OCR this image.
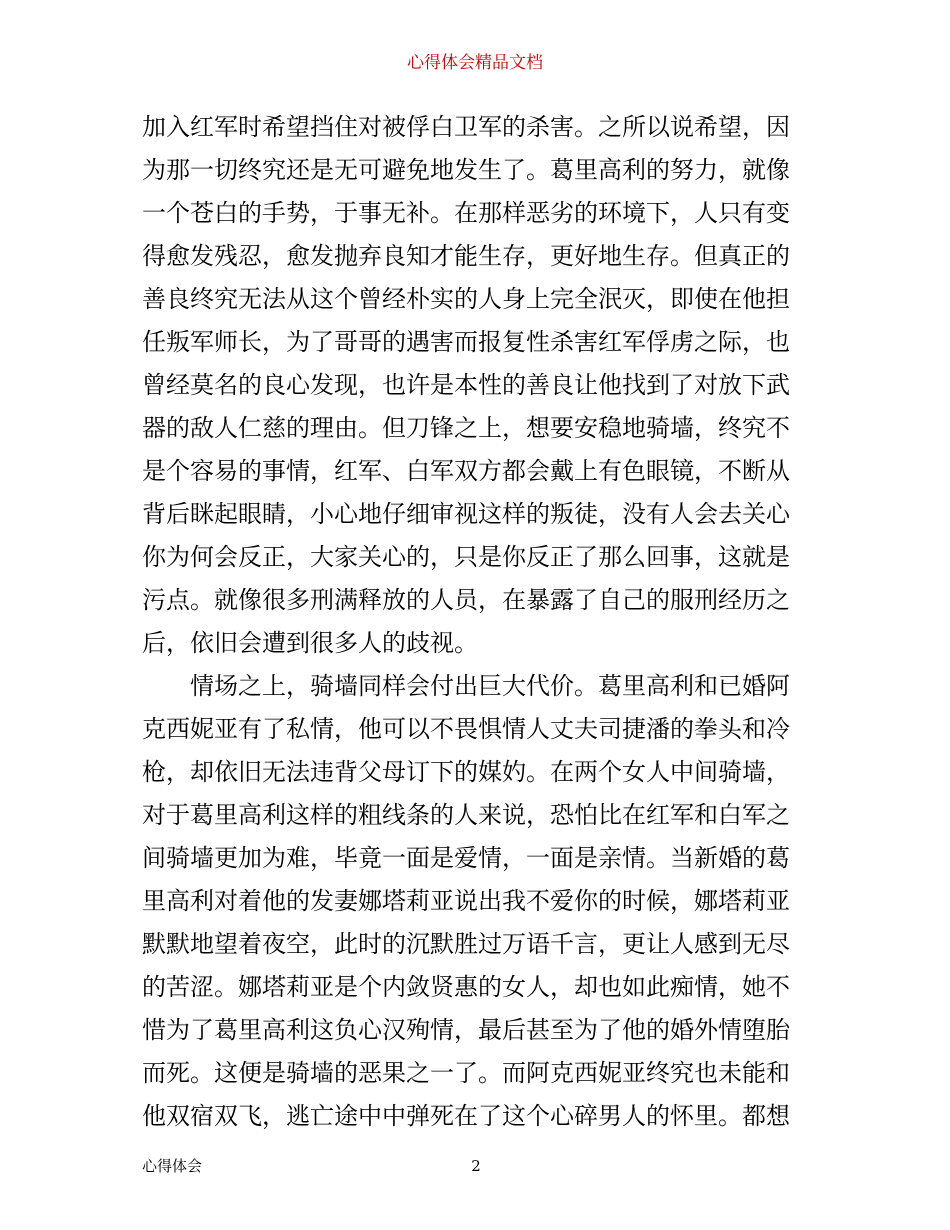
心得体会精品文档
加入红军时希望挡住对被俘白卫军的杀害。之所以说希望，因
为那一切终究还是无可避免地发生了。葛里高利的努力，就像
一个苍白的手势，于事无补。在那样恶劣的环境下，人只有变
得愈发残忍，愈发抛弃良知才能生存，更好地生存。但真正的
善良终究无法从这个曾经朴实的人身上完全泯灭，即使在他担
任叛军师长，为了哥哥的遇害而报复性杀害红军俘虏之际，也
曾经莫名的良心发现，也许是本性的善良让他找到了对放下武
器的敌人仁慈的理由。但刀锋之上，想要安稳地骑墙，终究不
是个容易的事情，红军、白军双方都会戴上有色眼镜，不断从
背后眯起眼睛，小心地仔细审视这样的叛徒，没有人会去关心
你为何会反正，大家关心的，只是你反正了那么回事，这就是
污点。就像很多刑满释放的人员，在暴露了自己的服刑经历之
后，依旧会遭到很多人的歧视。
　　情场之上，骑墙同样会付出巨大代价。葛里高利和已婚阿
克西妮亚有了私情，他可以不畏惧情人丈夫司捷潘的拳头和冷
枪，却依旧无法违背父母订下的媒妁。在两个女人中间骑墙，
对于葛里高利这样的粗线条的人来说，恐怕比在红军和白军之
间骑墙更加为难，毕竟一面是爱情，一面是亲情。当新婚的葛
里高利对着他的发妻娜塔莉亚说出我不爱你的时候，娜塔莉亚
默默地望着夜空，此时的沉默胜过万语千言，更让人感到无尽
的苦涩。娜塔莉亚是个内敛贤惠的女人，却也如此痴情，她不
惜为了葛里高利这负心汉殉情，最后甚至为了他的婚外情堕胎
而死。这便是骑墙的恶果之一了。而阿克西妮亚终究也未能和
他双宿双飞，逃亡途中中弹死在了这个心碎男人的怀里。都想
心得体会	2
